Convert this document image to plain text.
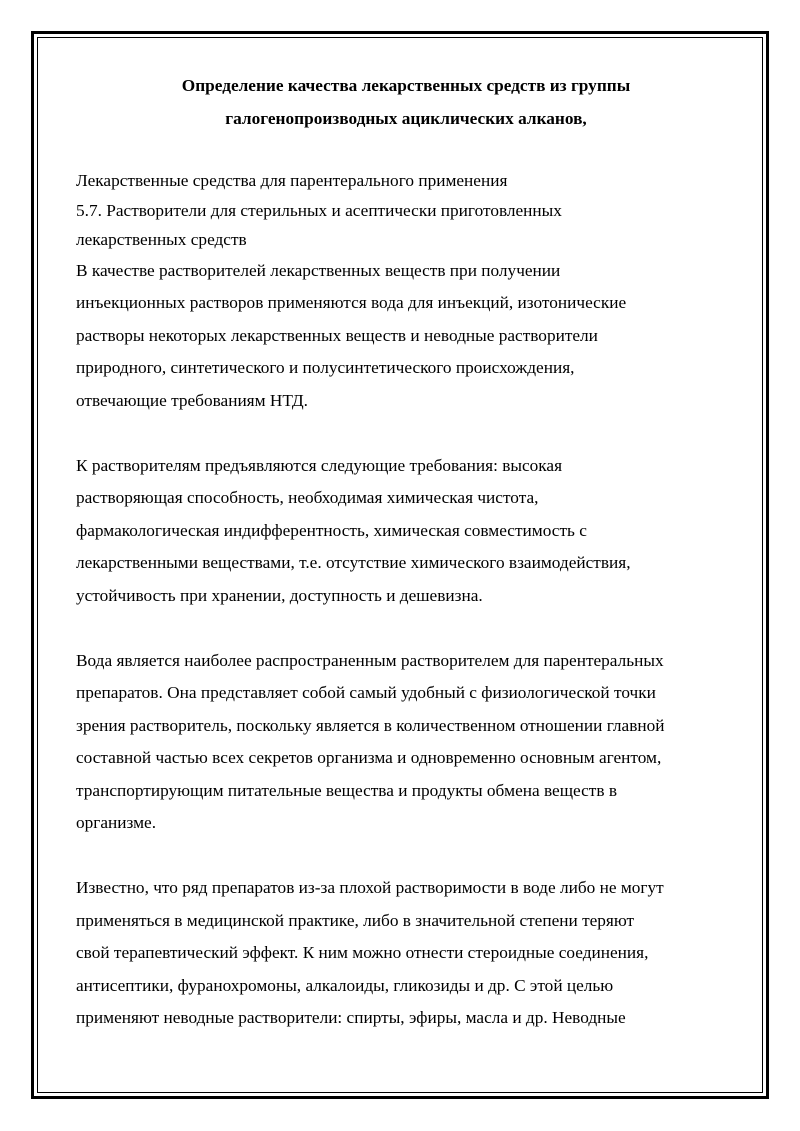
Определение качества лекарственных средств из группы
галогенопроизводных ациклических алканов,
Лекарственные средства для парентерального применения
5.7. Растворители для стерильных и асептически приготовленных
лекарственных средств
В качестве растворителей лекарственных веществ при получении
инъекционных растворов применяются вода для инъекций, изотонические
растворы некоторых лекарственных веществ и неводные растворители
природного, синтетического и полусинтетического происхождения,
отвечающие требованиям НТД.
К растворителям предъявляются следующие требования: высокая
растворяющая способность, необходимая химическая чистота,
фармакологическая индифферентность, химическая совместимость с
лекарственными веществами, т.е. отсутствие химического взаимодействия,
устойчивость при хранении, доступность и дешевизна.
Вода является наиболее распространенным растворителем для парентеральных
препаратов. Она представляет собой самый удобный с физиологической точки
зрения растворитель, поскольку является в количественном отношении главной
составной частью всех секретов организма и одновременно основным агентом,
транспортирующим питательные вещества и продукты обмена веществ в
организме.
Известно, что ряд препаратов из-за плохой растворимости в воде либо не могут
применяться в медицинской практике, либо в значительной степени теряют
свой терапевтический эффект. К ним можно отнести стероидные соединения,
антисептики, фуранохромоны, алкалоиды, гликозиды и др. С этой целью
применяют неводные растворители: спирты, эфиры, масла и др. Неводные
